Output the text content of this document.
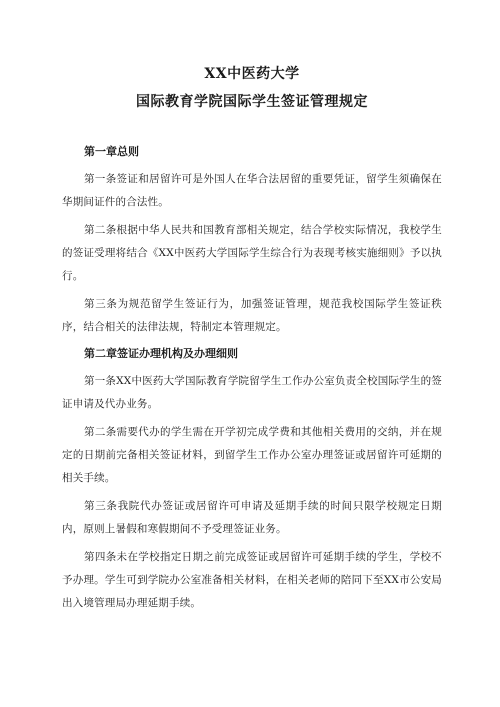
XX中医药大学
国际教育学院国际学生签证管理规定
第一章总则

第一条签证和居留许可是外国人在华合法居留的重要凭证，留学生须确保在华期间证件的合法性。

第二条根据中华人民共和国教育部相关规定，结合学校实际情况，我校学生的签证受理将结合《XX中医药大学国际学生综合行为表现考核实施细则》予以执行。

第三条为规范留学生签证行为，加强签证管理，规范我校国际学生签证秩序，结合相关的法律法规，特制定本管理规定。

第二章签证办理机构及办理细则

第一条XX中医药大学国际教育学院留学生工作办公室负责全校国际学生的签证申请及代办业务。

第二条需要代办的学生需在开学初完成学费和其他相关费用的交纳，并在规定的日期前完备相关签证材料，到留学生工作办公室办理签证或居留许可延期的相关手续。

第三条我院代办签证或居留许可申请及延期手续的时间只限学校规定日期内，原则上暑假和寒假期间不予受理签证业务。

第四条未在学校指定日期之前完成签证或居留许可延期手续的学生，学校不予办理。学生可到学院办公室准备相关材料，在相关老师的陪同下至XX市公安局出入境管理局办理延期手续。
